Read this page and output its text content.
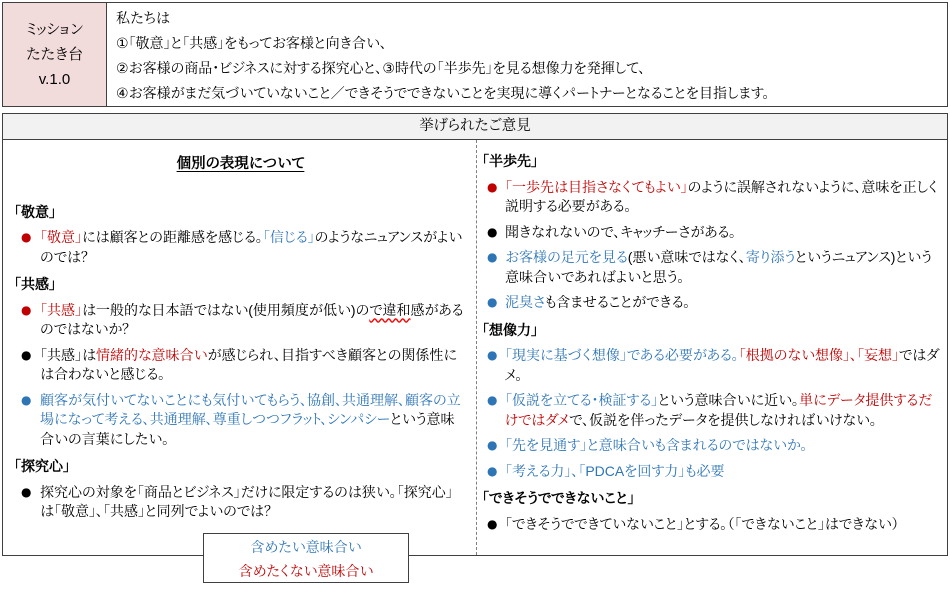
ミッション
たたき台
v.1.0
私たちは
①「敬意」と「共感」をもってお客様と向き合い、
②お客様の商品・ビジネスに対する探究心と、③時代の「半歩先」を見る想像力を発揮して、
④お客様がまだ気づいていないこと／できそうでできないことを実現に導くパートナーとなることを目指します。
挙げられたご意見
個別の表現について
「敬意」
● 「敬意」には顧客との距離感を感じる。「信じる」のようなニュアンスがよいのでは？
「共感」
● 「共感」は一般的な日本語ではない(使用頻度が低い)ので違和感があるのではないか？
● 「共感」は情緒的な意味合いが感じられ、目指すべき顧客との関係性には合わないと感じる。
● 顧客が気付いてないことにも気付いてもらう、協創、共通理解、顧客の立場になって考える、共通理解、尊重しつつフラット、シンパシーという意味合いの言葉にしたい。
「探究心」
● 探究心の対象を「商品とビジネス」だけに限定するのは狭い。「探究心」は「敬意」、「共感」と同列でよいのでは？
「半歩先」
● 「一歩先は目指さなくてもよい」のように誤解されないように、意味を正しく説明する必要がある。
● 聞きなれないので、キャッチーさがある。
● お客様の足元を見る(悪い意味ではなく、寄り添うというニュアンス)という意味合いであればよいと思う。
● 泥臭さも含ませることができる。
「想像力」
● 「現実に基づく想像」である必要がある。「根拠のない想像」、「妄想」ではダメ。
● 「仮説を立てる・検証する」という意味合いに近い。単にデータ提供するだけではダメで、仮説を伴ったデータを提供しなければいけない。
● 「先を見通す」と意味合いも含まれるのではないか。
● 「考える力」、「PDCAを回す力」も必要
「できそうでできないこと」
● 「できそうでできていないこと」とする。（「できないこと」はできない）
含めたい意味合い
含めたくない意味合い
